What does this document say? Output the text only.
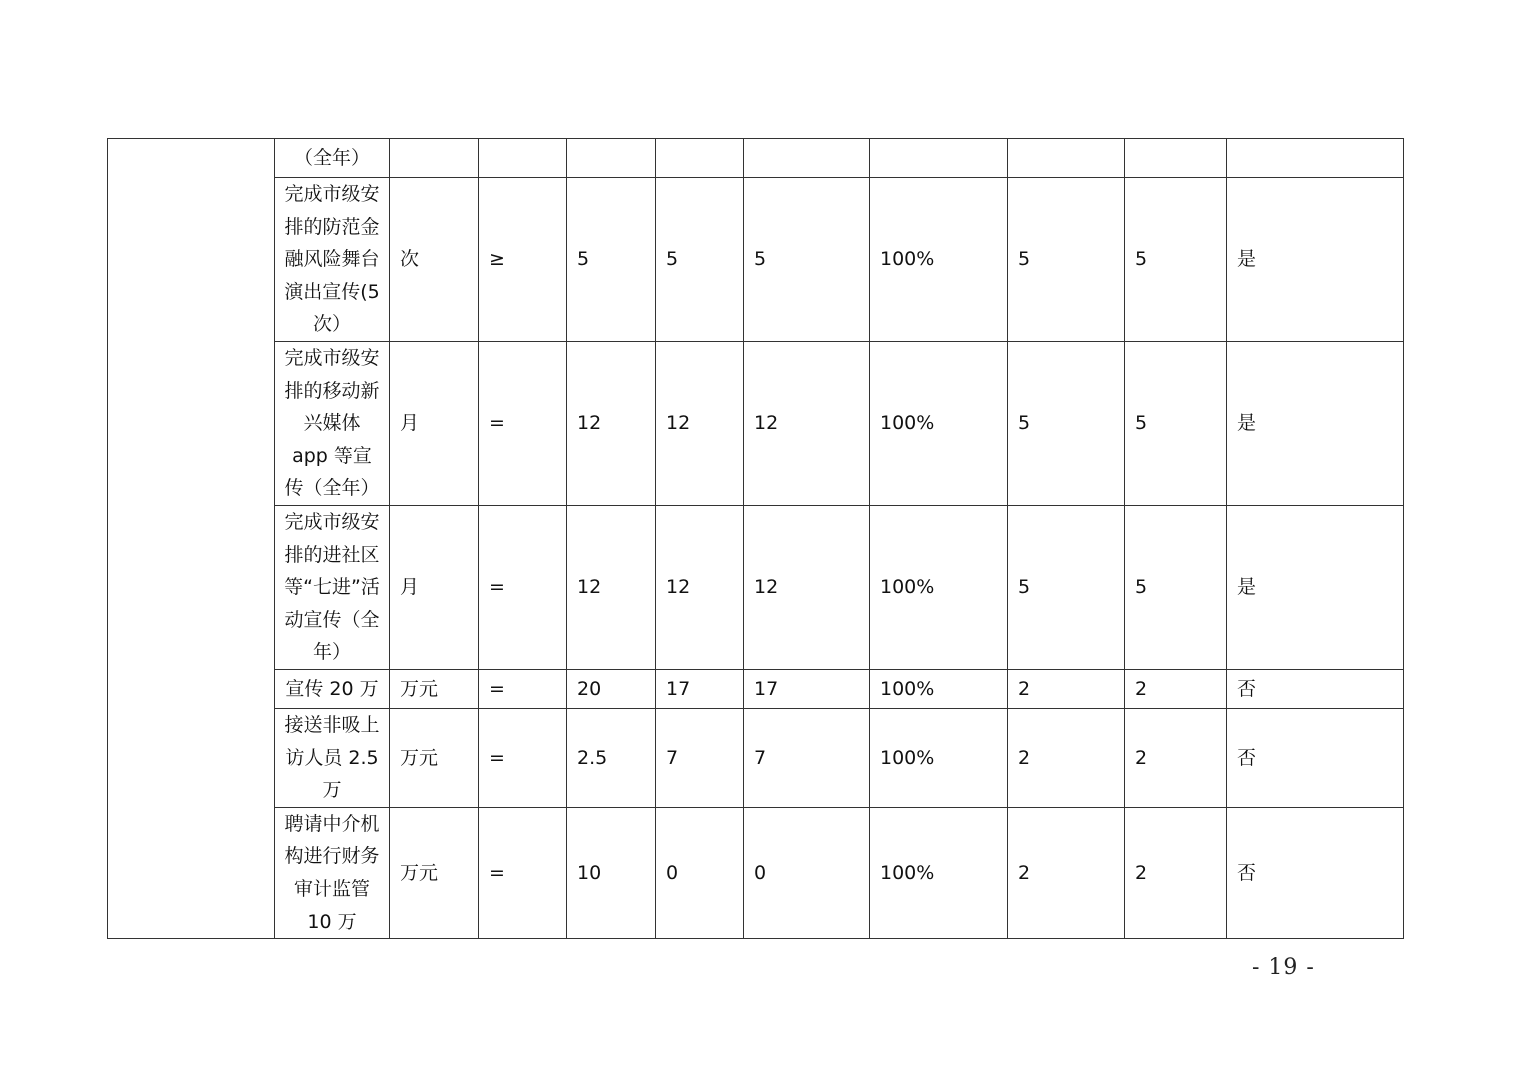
	（全年）									
	完成市级安排的防范金融风险舞台演出宣传(5次）	次	≥	5	5	5	100%	5	5	是
	完成市级安排的移动新兴媒体 app 等宣传（全年）	月	=	12	12	12	100%	5	5	是
	完成市级安排的进社区等“七进”活动宣传（全年）	月	=	12	12	12	100%	5	5	是
	宣传 20 万	万元	=	20	17	17	100%	2	2	否
	接送非吸上访人员 2.5 万	万元	=	2.5	7	7	100%	2	2	否
	聘请中介机构进行财务审计监管 10 万	万元	=	10	0	0	100%	2	2	否
- 19 -
